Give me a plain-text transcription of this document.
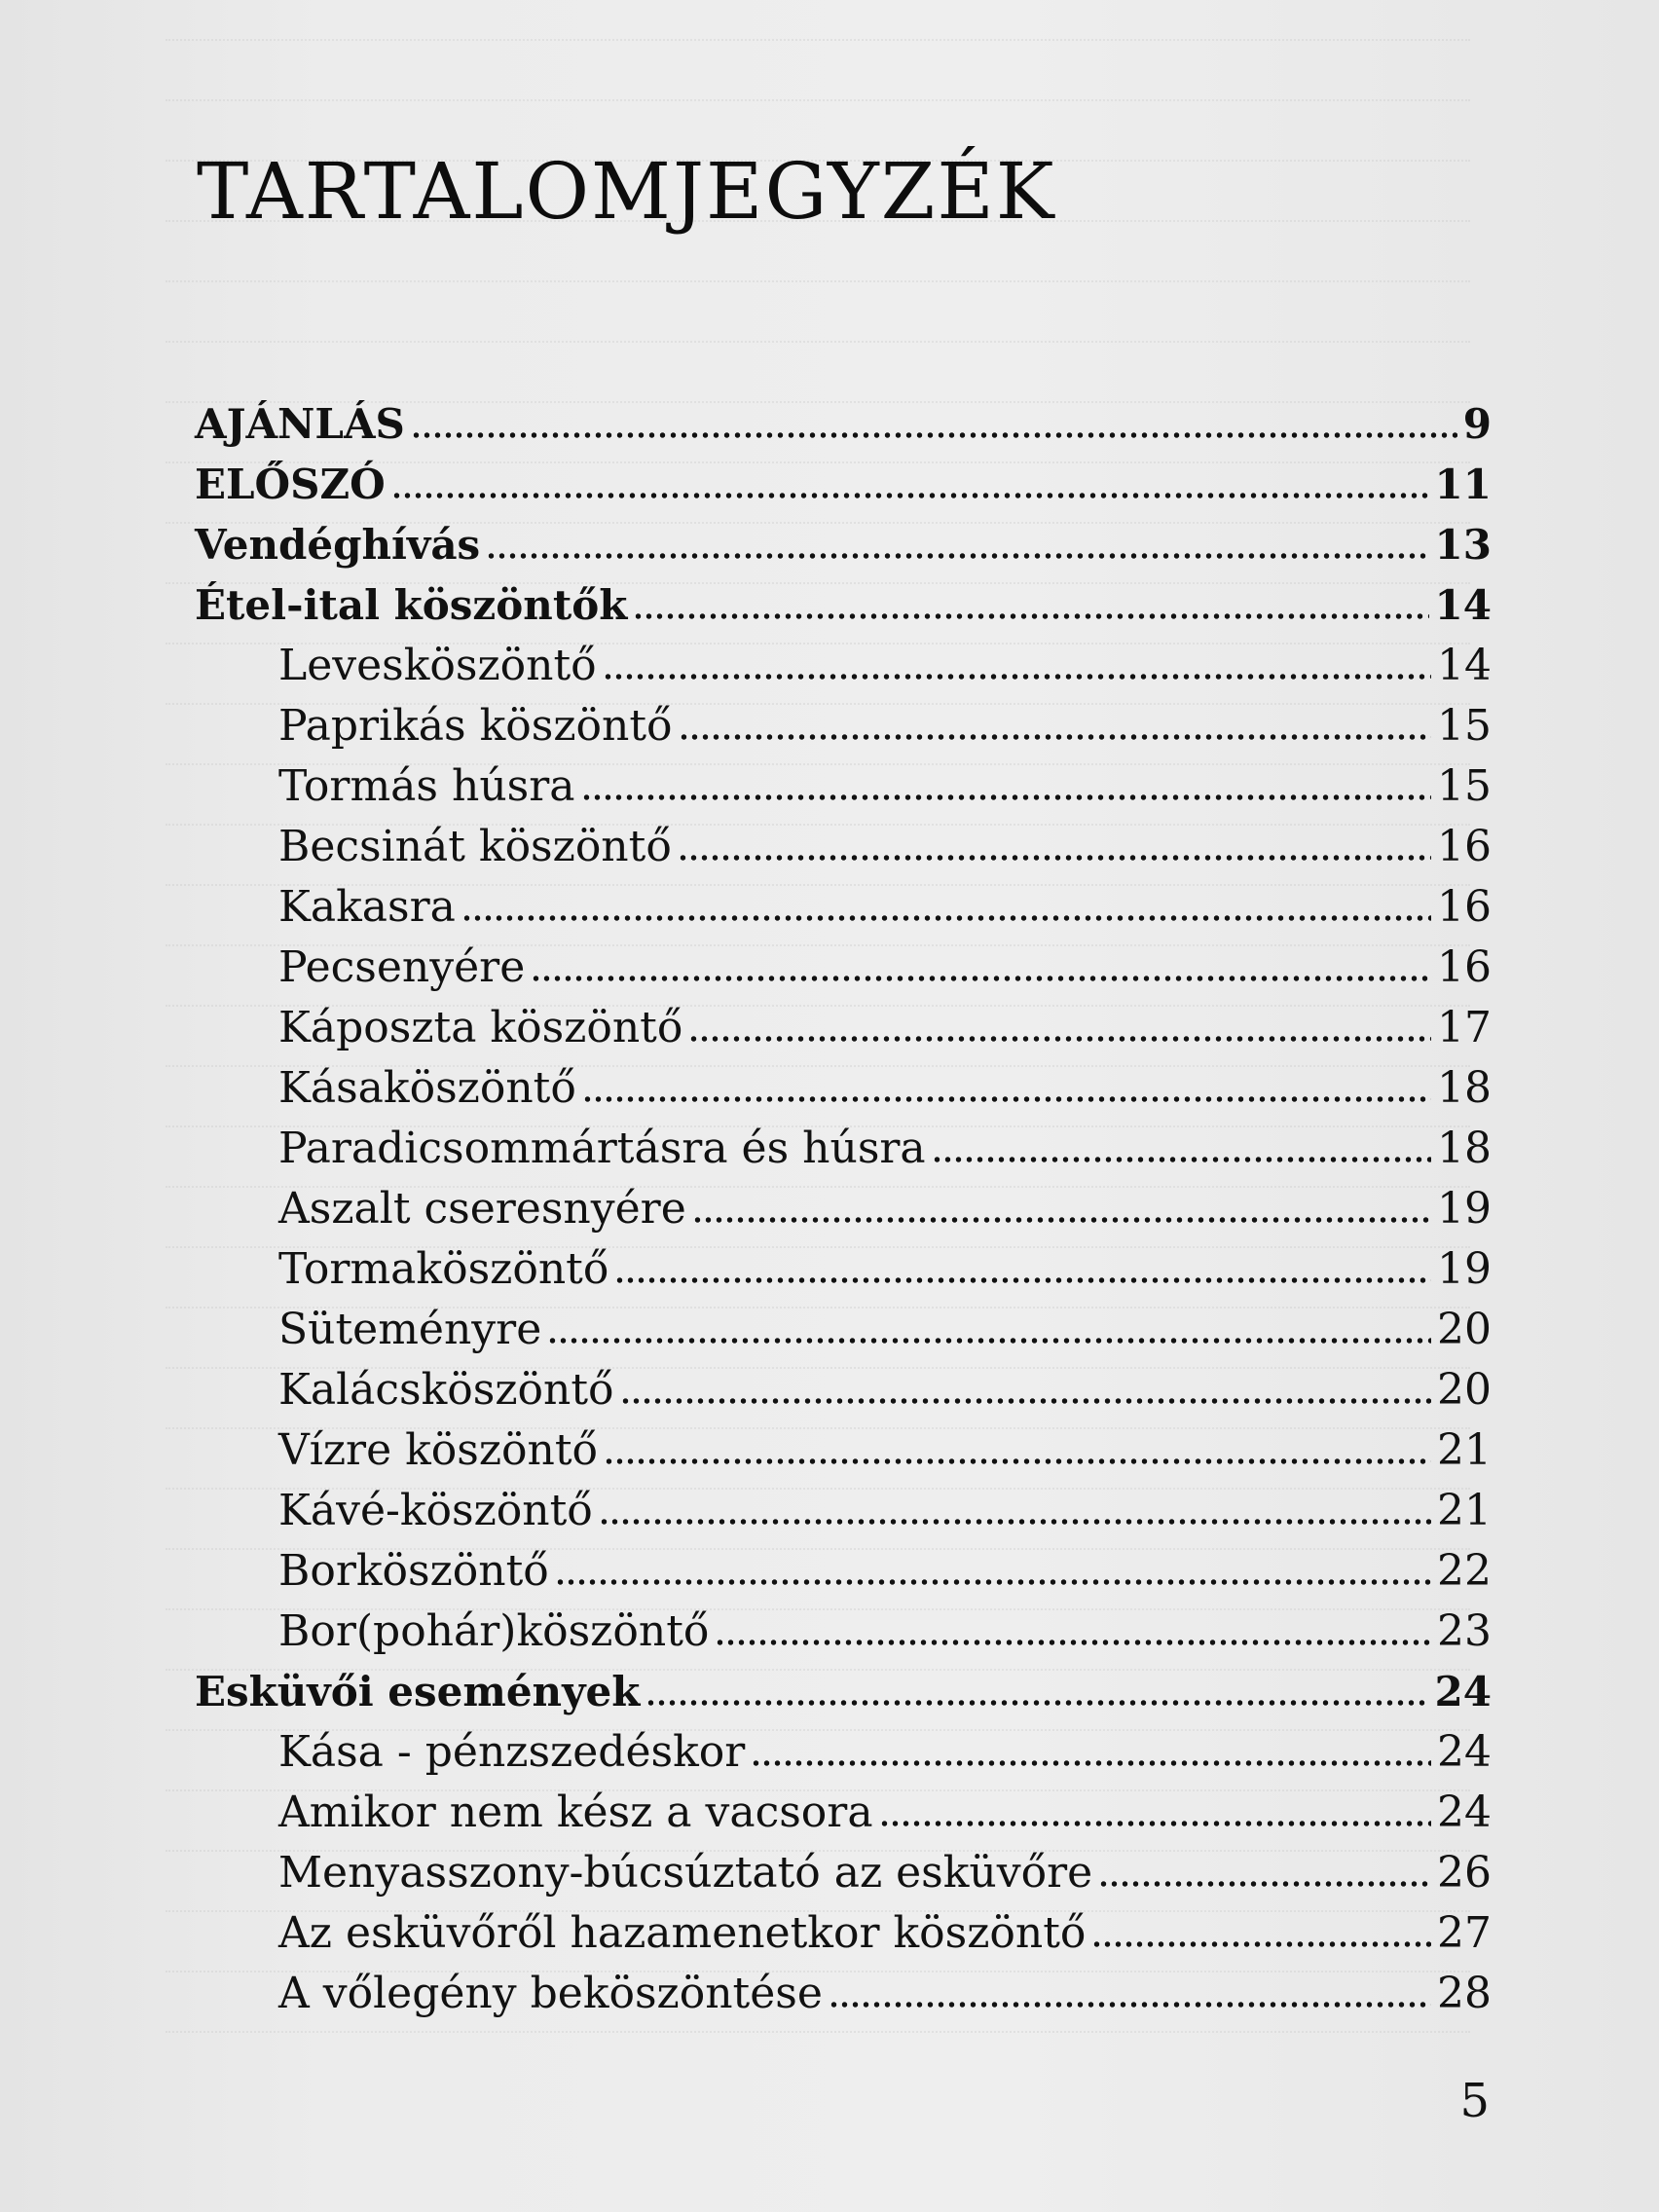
TARTALOMJEGYZÉK
AJÁNLÁS	9
ELŐSZÓ	11
Vendéghívás	13
Étel-ital köszöntők	14
Levesköszöntő	14
Paprikás köszöntő	15
Tormás húsra	15
Becsinát köszöntő	16
Kakasra	16
Pecsenyére	16
Káposzta köszöntő	17
Kásaköszöntő	18
Paradicsommártásra és húsra	18
Aszalt cseresnyére	19
Tormaköszöntő	19
Süteményre	20
Kalácsköszöntő	20
Vízre köszöntő	21
Kávé-köszöntő	21
Borköszöntő	22
Bor(pohár)köszöntő	23
Esküvői események	24
Kása - pénzszedéskor	24
Amikor nem kész a vacsora	24
Menyasszony-búcsúztató az esküvőre	26
Az esküvőről hazamenetkor köszöntő	27
A vőlegény beköszöntése	28
5
